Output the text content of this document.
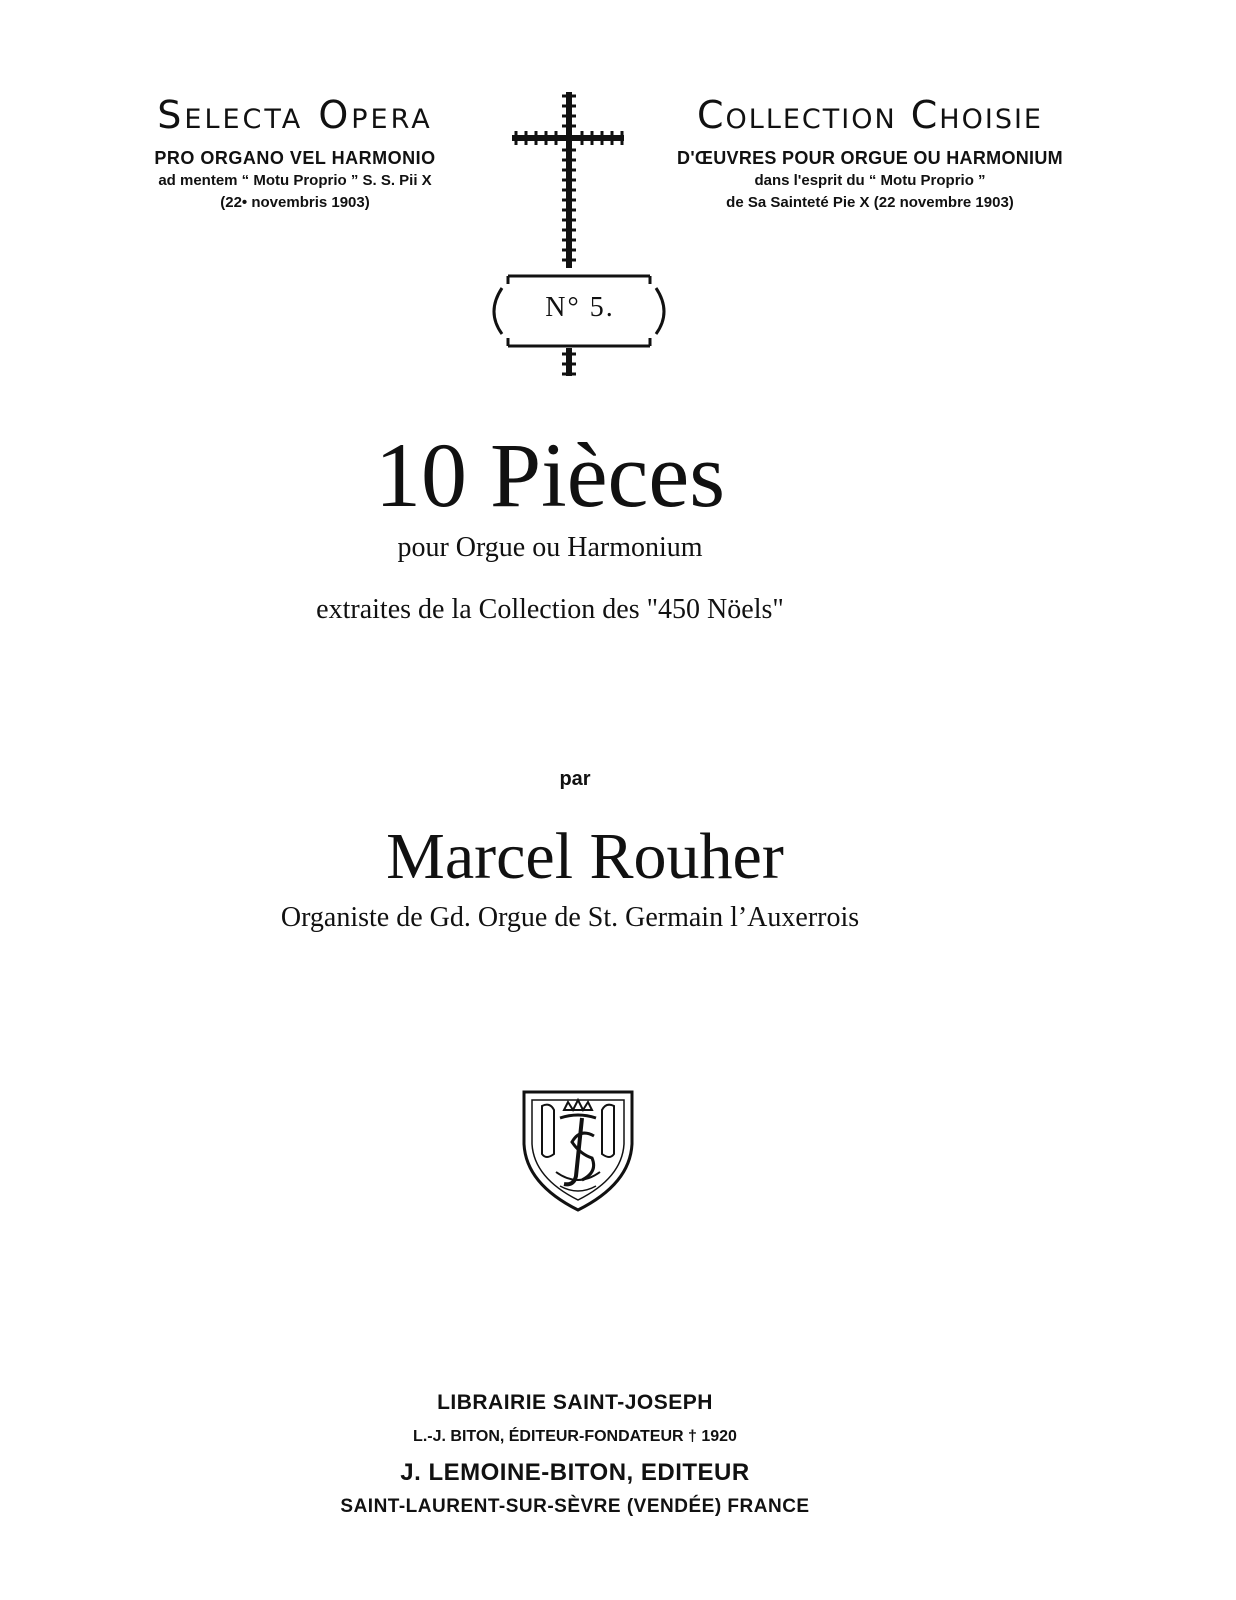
Selecta Opera
PRO ORGANO VEL HARMONIO
ad mentem “ Motu Proprio ” S. S. Pii X
(22• novembris 1903)
N° 5.
Collection Choisie
D'ŒUVRES POUR ORGUE OU HARMONIUM
dans l'esprit du “ Motu Proprio ”
de Sa Sainteté Pie X (22 novembre 1903)
10 Pièces
pour Orgue ou Harmonium
extraites de la Collection des "450 Nöels"
par
Marcel Rouher
Organiste de Gd. Orgue de St. Germain l’Auxerrois
LIBRAIRIE SAINT-JOSEPH
L.-J. BITON, ÉDITEUR-FONDATEUR † 1920
J. LEMOINE-BITON, EDITEUR
SAINT-LAURENT-SUR-SÈVRE (VENDÉE) FRANCE
